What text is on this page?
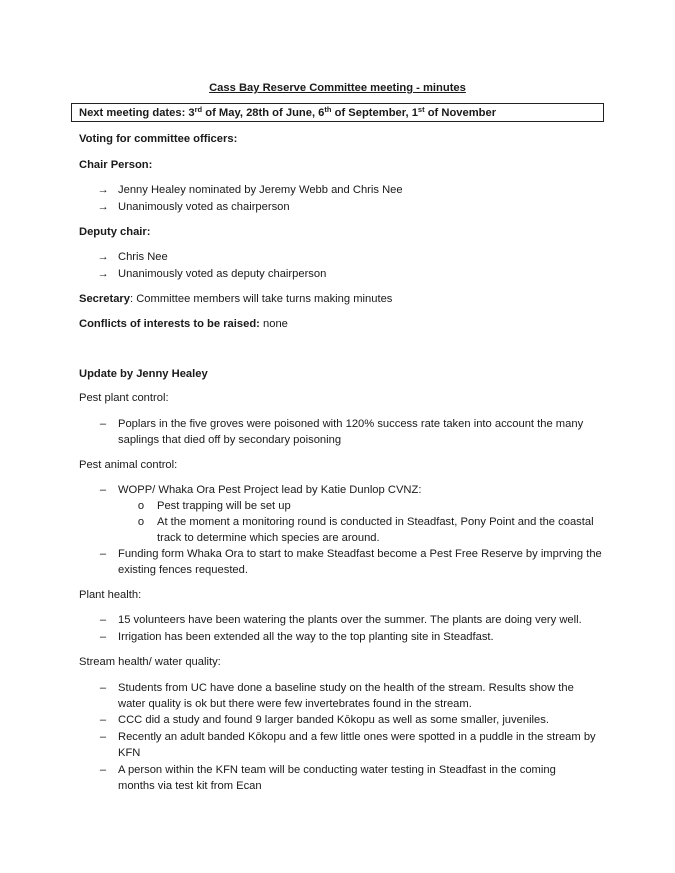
Cass Bay Reserve Committee meeting - minutes
Next meeting dates: 3rd of May, 28th of June, 6th of September, 1st of November
Voting for committee officers:
Chair Person:
→ Jenny Healey nominated by Jeremy Webb and Chris Nee
→ Unanimously voted as chairperson
Deputy chair:
→ Chris Nee
→ Unanimously voted as deputy chairperson
Secretary: Committee members will take turns making minutes
Conflicts of interests to be raised: none
Update by Jenny Healey
Pest plant control:
–	Poplars in the five groves were poisoned with 120% success rate taken into account the many
saplings that died off by secondary poisoning
Pest animal control:
–	WOPP/ Whaka Ora Pest Project lead by Katie Dunlop CVNZ:
o	Pest trapping will be set up
o	At the moment a monitoring round is conducted in Steadfast, Pony Point and the coastal
track to determine which species are around.
–	Funding form Whaka Ora to start to make Steadfast become a Pest Free Reserve by imprving the
existing fences requested.
Plant health:
–	15 volunteers have been watering the plants over the summer. The plants are doing very well.
–	Irrigation has been extended all the way to the top planting site in Steadfast.
Stream health/ water quality:
–	Students from UC have done a baseline study on the health of the stream. Results show the
water quality is ok but there were few invertebrates found in the stream.
–	CCC did a study and found 9 larger banded Kōkopu as well as some smaller, juveniles.
–	Recently an adult banded Kōkopu and a few little ones were spotted in a puddle in the stream by
KFN
–	A person within the KFN team will be conducting water testing in Steadfast in the coming
months via test kit from Ecan
